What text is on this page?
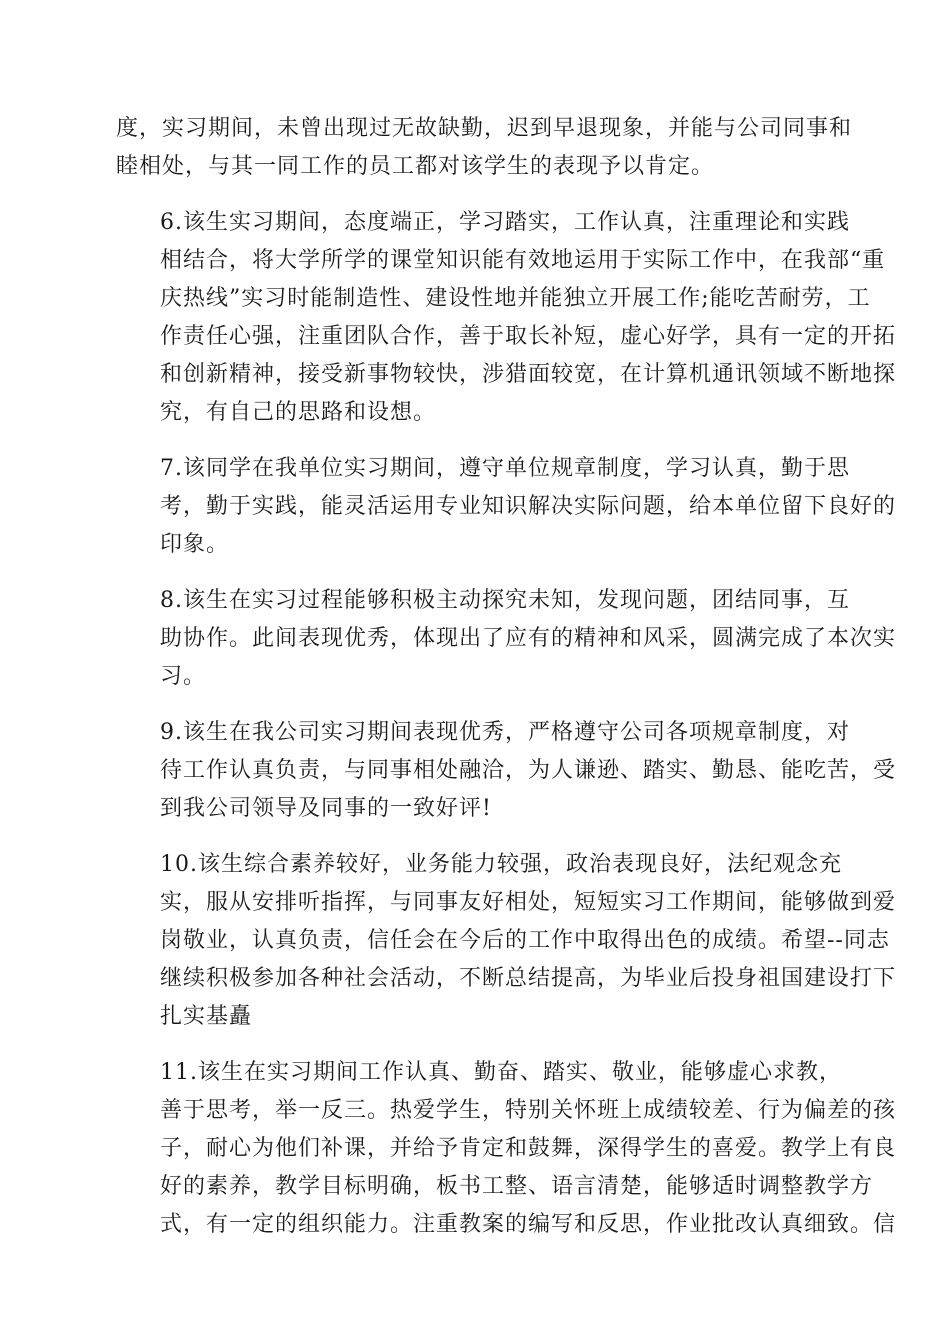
度，实习期间，未曾出现过无故缺勤，迟到早退现象，并能与公司同事和
睦相处，与其一同工作的员工都对该学生的表现予以肯定。

6.该生实习期间，态度端正，学习踏实，工作认真，注重理论和实践
相结合，将大学所学的课堂知识能有效地运用于实际工作中，在我部“重
庆热线”实习时能制造性、建设性地并能独立开展工作;能吃苦耐劳，工
作责任心强，注重团队合作，善于取长补短，虚心好学，具有一定的开拓
和创新精神，接受新事物较快，涉猎面较宽，在计算机通讯领域不断地探
究，有自己的思路和设想。

7.该同学在我单位实习期间，遵守单位规章制度，学习认真，勤于思
考，勤于实践，能灵活运用专业知识解决实际问题，给本单位留下良好的
印象。

8.该生在实习过程能够积极主动探究未知，发现问题，团结同事，互
助协作。此间表现优秀，体现出了应有的精神和风采，圆满完成了本次实
习。

9.该生在我公司实习期间表现优秀，严格遵守公司各项规章制度，对
待工作认真负责，与同事相处融洽，为人谦逊、踏实、勤恳、能吃苦，受
到我公司领导及同事的一致好评!

10.该生综合素养较好，业务能力较强，政治表现良好，法纪观念充
实，服从安排听指挥，与同事友好相处，短短实习工作期间，能够做到爱
岗敬业，认真负责，信任会在今后的工作中取得出色的成绩。希望--同志
继续积极参加各种社会活动，不断总结提高，为毕业后投身祖国建设打下
扎实基矗

11.该生在实习期间工作认真、勤奋、踏实、敬业，能够虚心求教，
善于思考，举一反三。热爱学生，特别关怀班上成绩较差、行为偏差的孩
子，耐心为他们补课，并给予肯定和鼓舞，深得学生的喜爱。教学上有良
好的素养，教学目标明确，板书工整、语言清楚，能够适时调整教学方
式，有一定的组织能力。注重教案的编写和反思，作业批改认真细致。信
